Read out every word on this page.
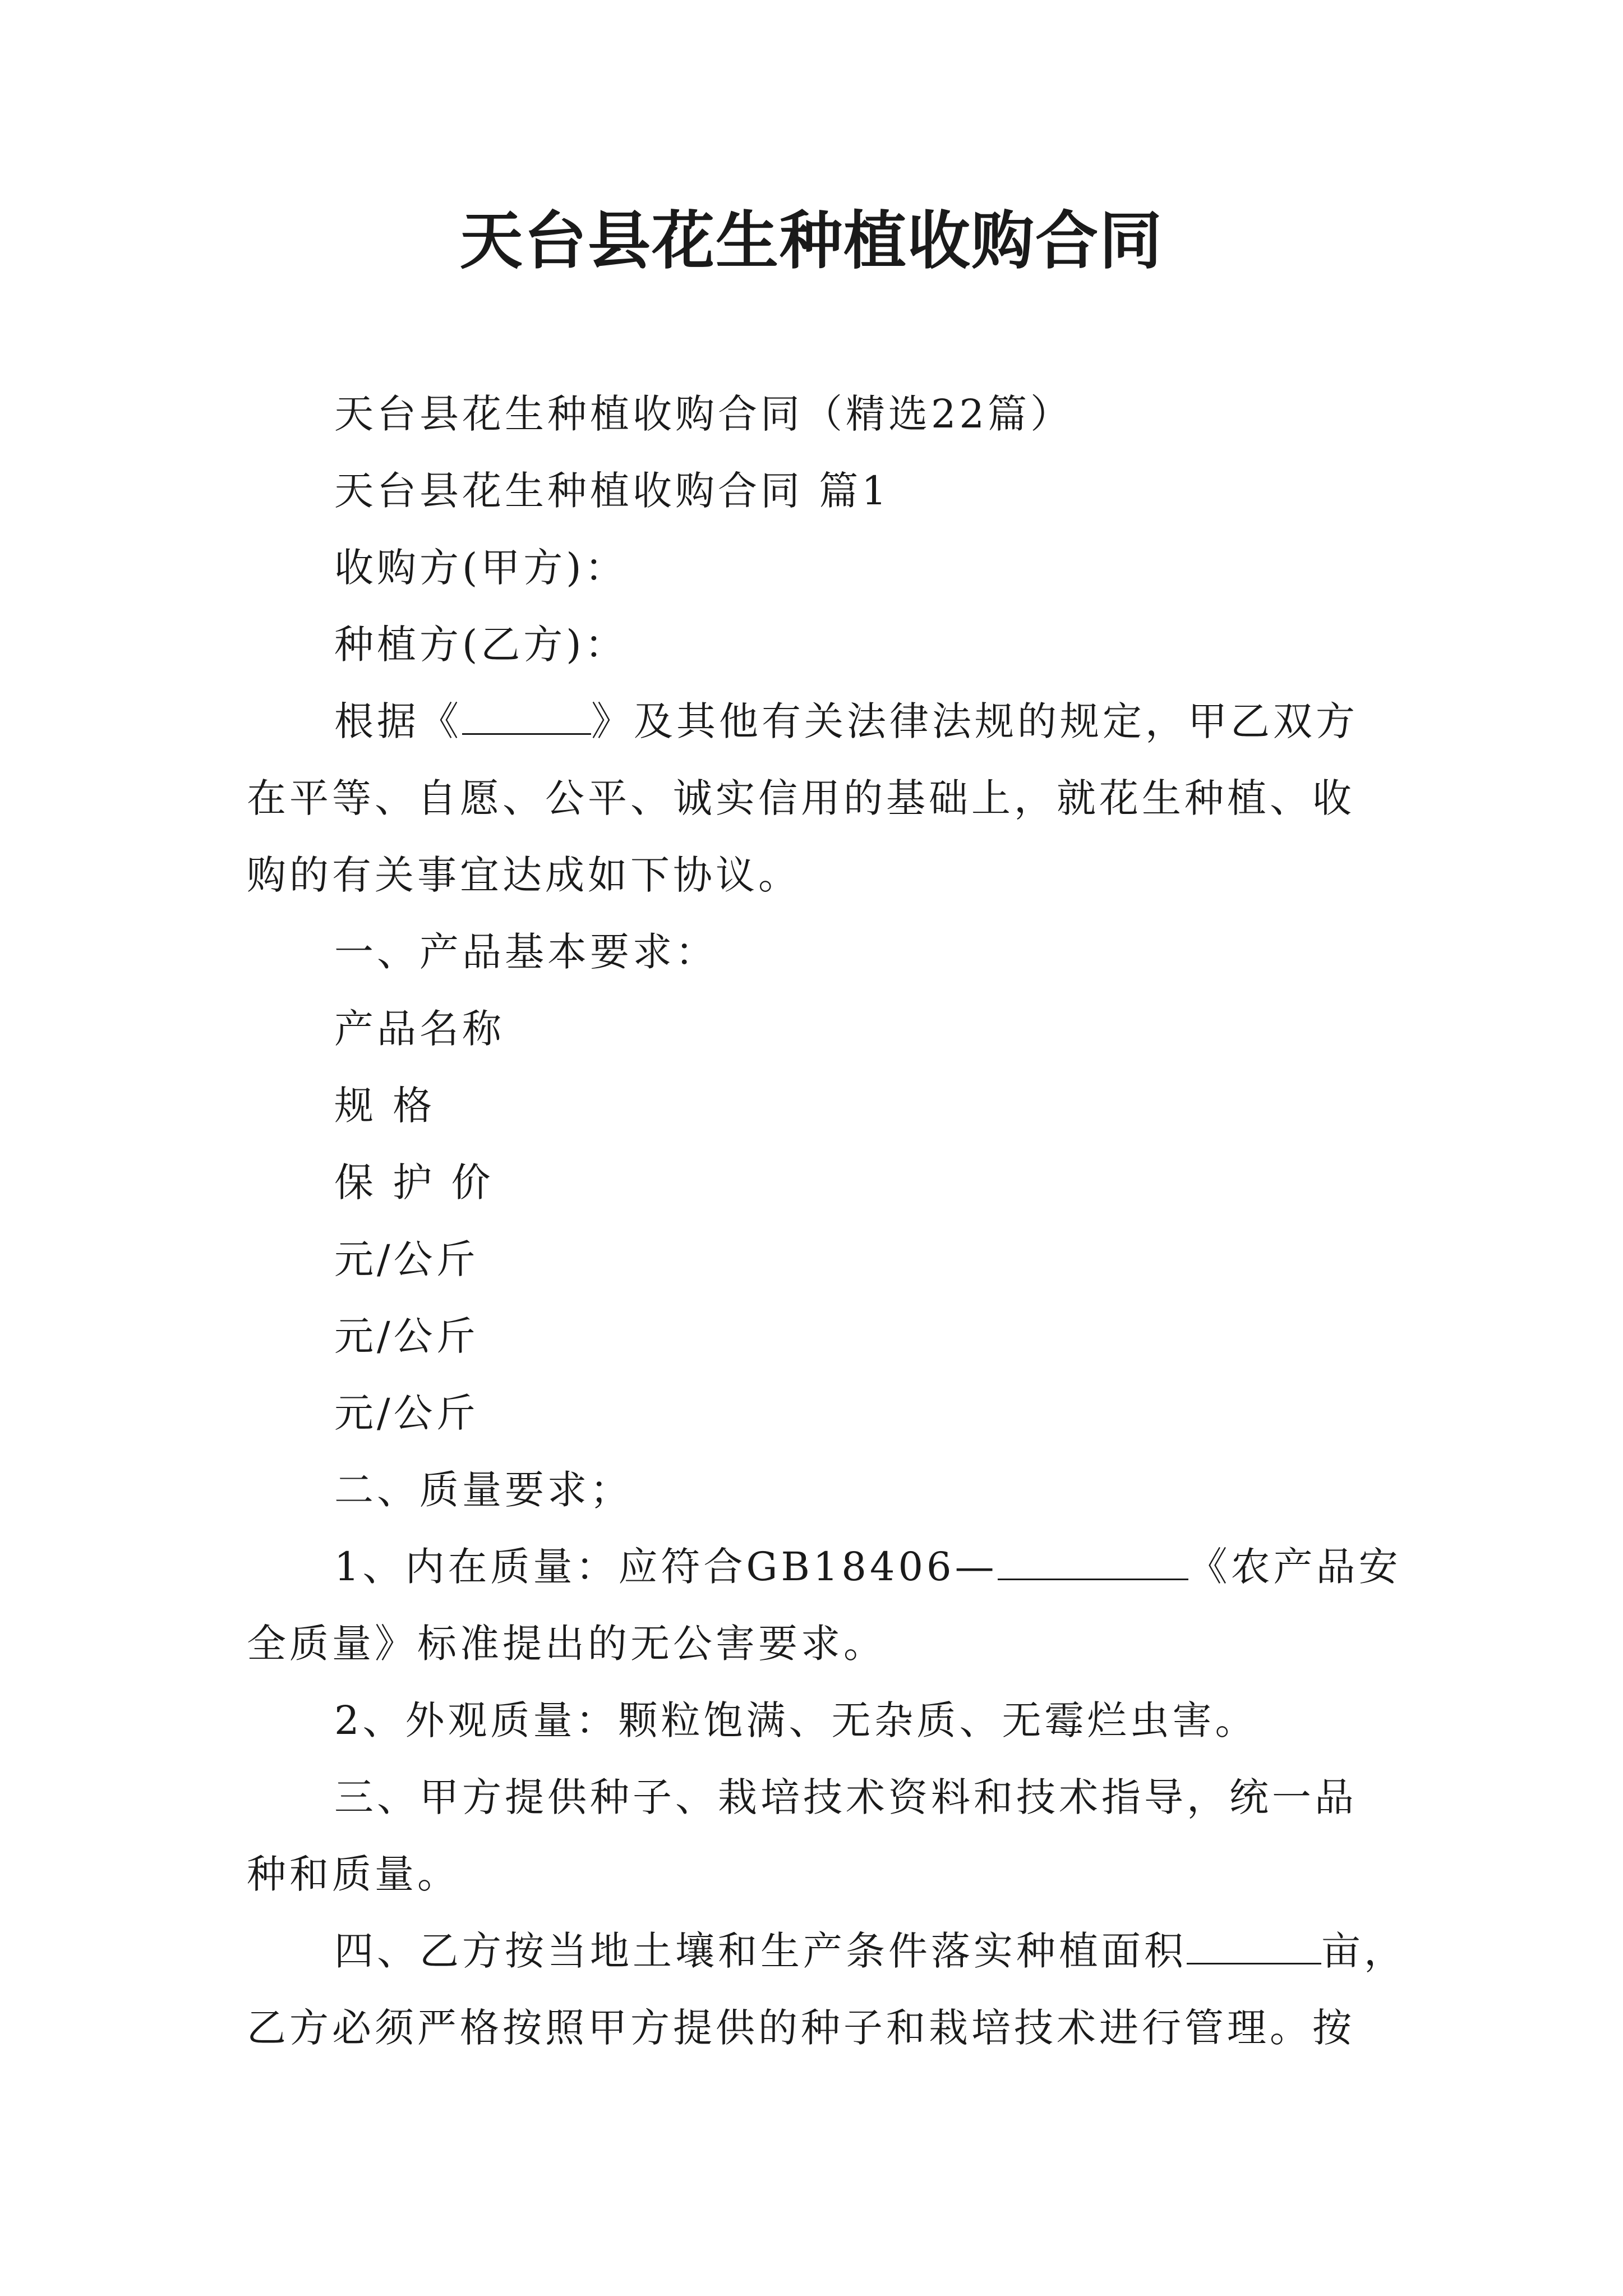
天台县花生种植收购合同
天台县花生种植收购合同（精选22篇）
天台县花生种植收购合同 篇1
收购方(甲方)：
种植方(乙方)：
根据《	》及其他有关法律法规的规定，甲乙双方
在平等、自愿、公平、诚实信用的基础上，就花生种植、收
购的有关事宜达成如下协议。
一、产品基本要求：
产品名称
规 格
保 护 价
元/公斤
元/公斤
元/公斤
二、质量要求；
1、内在质量：应符合GB18406—	《农产品安
全质量》标准提出的无公害要求。
2、外观质量：颗粒饱满、无杂质、无霉烂虫害。
三、甲方提供种子、栽培技术资料和技术指导，统一品
种和质量。
四、乙方按当地土壤和生产条件落实种植面积	亩，
乙方必须严格按照甲方提供的种子和栽培技术进行管理。按
